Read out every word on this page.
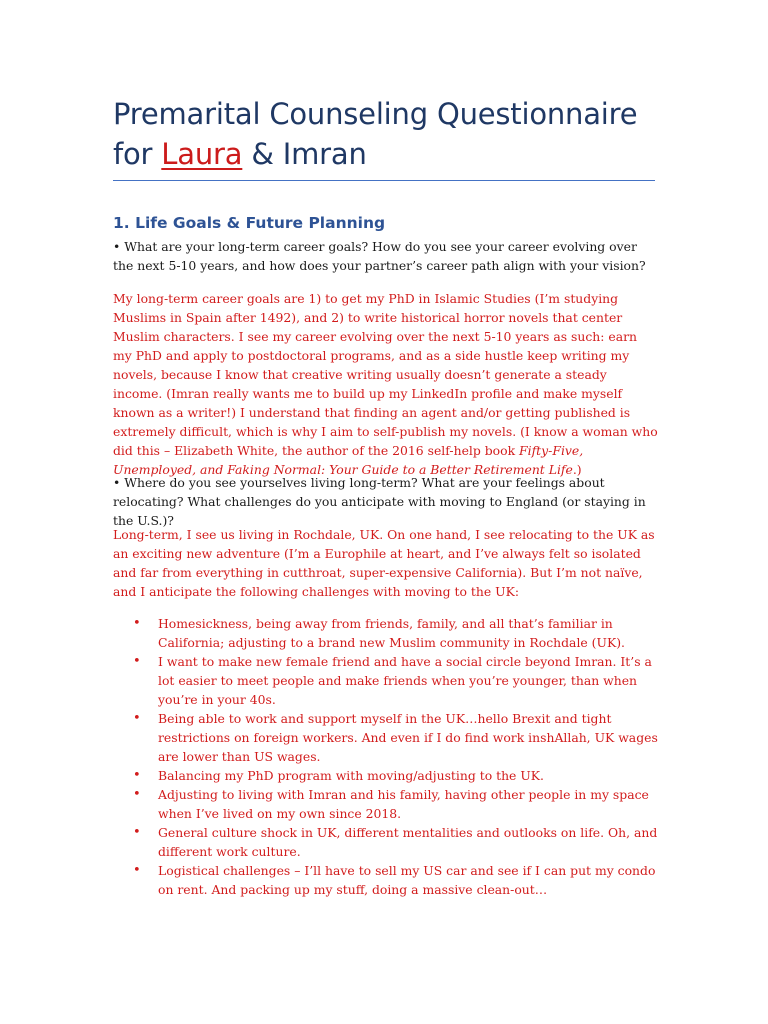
Premarital Counseling Questionnaire for Laura & Imran
1. Life Goals & Future Planning

• What are your long-term career goals? How do you see your career evolving over the next 5-10 years, and how does your partner’s career path align with your vision?

My long-term career goals are 1) to get my PhD in Islamic Studies (I’m studying Muslims in Spain after 1492), and 2) to write historical horror novels that center Muslim characters. I see my career evolving over the next 5-10 years as such: earn my PhD and apply to postdoctoral programs, and as a side hustle keep writing my novels, because I know that creative writing usually doesn’t generate a steady income. (Imran really wants me to build up my LinkedIn profile and make myself known as a writer!) I understand that finding an agent and/or getting published is extremely difficult, which is why I aim to self-publish my novels. (I know a woman who did this – Elizabeth White, the author of the 2016 self-help book Fifty-Five, Unemployed, and Faking Normal: Your Guide to a Better Retirement Life.)

• Where do you see yourselves living long-term? What are your feelings about relocating? What challenges do you anticipate with moving to England (or staying in the U.S.)?

Long-term, I see us living in Rochdale, UK. On one hand, I see relocating to the UK as an exciting new adventure (I’m a Europhile at heart, and I’ve always felt so isolated and far from everything in cutthroat, super-expensive California). But I’m not naïve, and I anticipate the following challenges with moving to the UK:

• Homesickness, being away from friends, family, and all that’s familiar in California; adjusting to a brand new Muslim community in Rochdale (UK).
• I want to make new female friend and have a social circle beyond Imran. It’s a lot easier to meet people and make friends when you’re younger, than when you’re in your 40s.
• Being able to work and support myself in the UK…hello Brexit and tight restrictions on foreign workers. And even if I do find work inshAllah, UK wages are lower than US wages.
• Balancing my PhD program with moving/adjusting to the UK.
• Adjusting to living with Imran and his family, having other people in my space when I’ve lived on my own since 2018.
• General culture shock in UK, different mentalities and outlooks on life. Oh, and different work culture.
• Logistical challenges – I’ll have to sell my US car and see if I can put my condo on rent. And packing up my stuff, doing a massive clean-out…
